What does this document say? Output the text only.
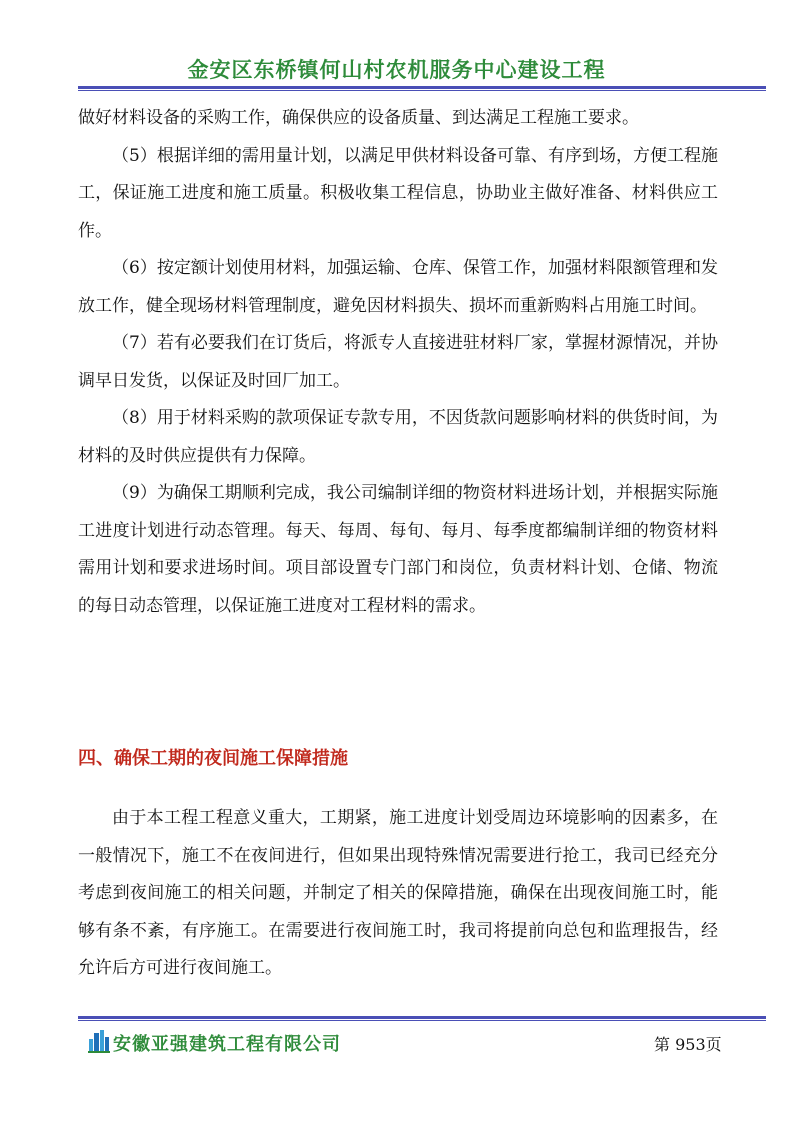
金安区东桥镇何山村农机服务中心建设工程

做好材料设备的采购工作，确保供应的设备质量、到达满足工程施工要求。

（5）根据详细的需用量计划，以满足甲供材料设备可靠、有序到场，方便工程施工，保证施工进度和施工质量。积极收集工程信息，协助业主做好准备、材料供应工作。

（6）按定额计划使用材料，加强运输、仓库、保管工作，加强材料限额管理和发放工作，健全现场材料管理制度，避免因材料损失、损坏而重新购料占用施工时间。

（7）若有必要我们在订货后，将派专人直接进驻材料厂家，掌握材源情况，并协调早日发货，以保证及时回厂加工。

（8）用于材料采购的款项保证专款专用，不因货款问题影响材料的供货时间，为材料的及时供应提供有力保障。

（9）为确保工期顺利完成，我公司编制详细的物资材料进场计划，并根据实际施工进度计划进行动态管理。每天、每周、每旬、每月、每季度都编制详细的物资材料需用计划和要求进场时间。项目部设置专门部门和岗位，负责材料计划、仓储、物流的每日动态管理，以保证施工进度对工程材料的需求。

四、确保工期的夜间施工保障措施

由于本工程工程意义重大，工期紧，施工进度计划受周边环境影响的因素多，在一般情况下，施工不在夜间进行，但如果出现特殊情况需要进行抢工，我司已经充分考虑到夜间施工的相关问题，并制定了相关的保障措施，确保在出现夜间施工时，能够有条不紊，有序施工。在需要进行夜间施工时，我司将提前向总包和监理报告，经允许后方可进行夜间施工。

安徽亚强建筑工程有限公司	第 953页
